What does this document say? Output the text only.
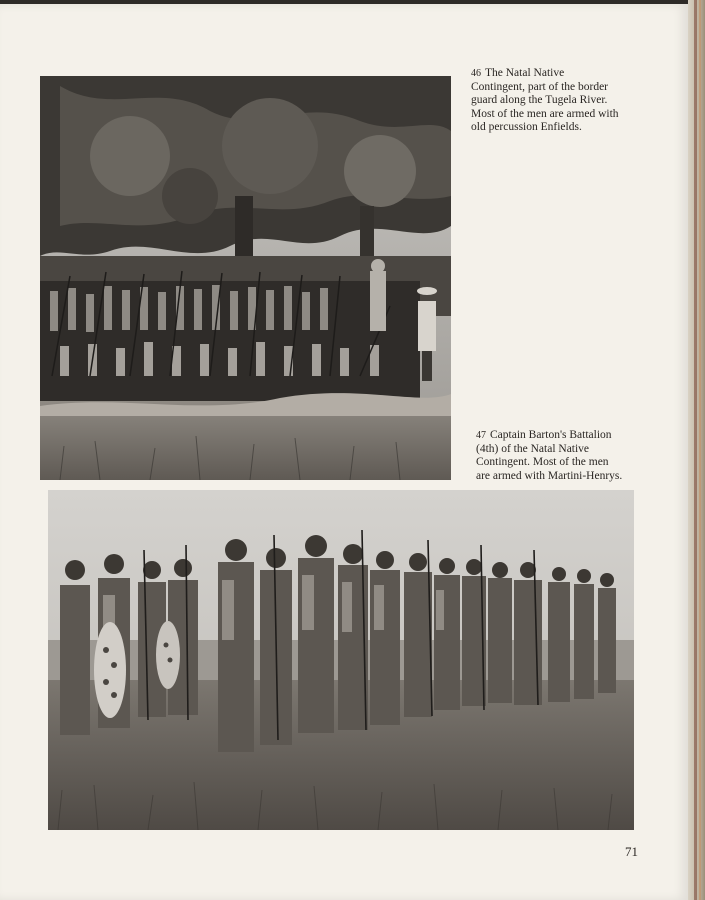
46 The Natal Native
Contingent, part of the border
guard along the Tugela River.
Most of the men are armed with
old percussion Enfields.
47 Captain Barton's Battalion
(4th) of the Natal Native
Contingent. Most of the men
are armed with Martini-Henrys.
71
